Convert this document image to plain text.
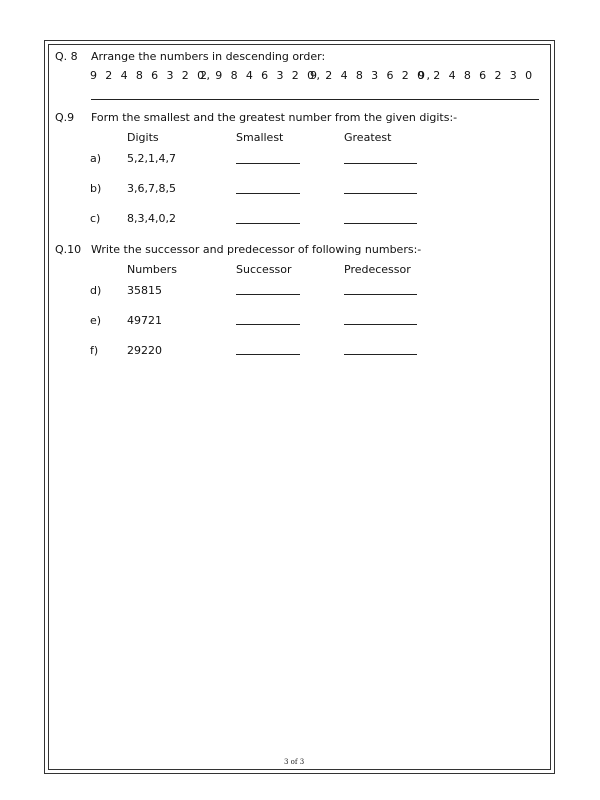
Q. 8 Arrange the numbers in descending order:
9 2 4 8 6 3 2 0,
2 9 8 4 6 3 2 0,
9 2 4 8 3 6 2 0,
9 2 4 8 6 2 3 0
Q.9 Form the smallest and the greatest number from the given digits:-
Digits	Smallest	Greatest
a) 5,2,1,4,7
b) 3,6,7,8,5
c) 8,3,4,0,2
Q.10 Write the successor and predecessor of following numbers:-
Numbers	Successor	Predecessor
d) 35815
e) 49721
f)	29220
3 of 3
